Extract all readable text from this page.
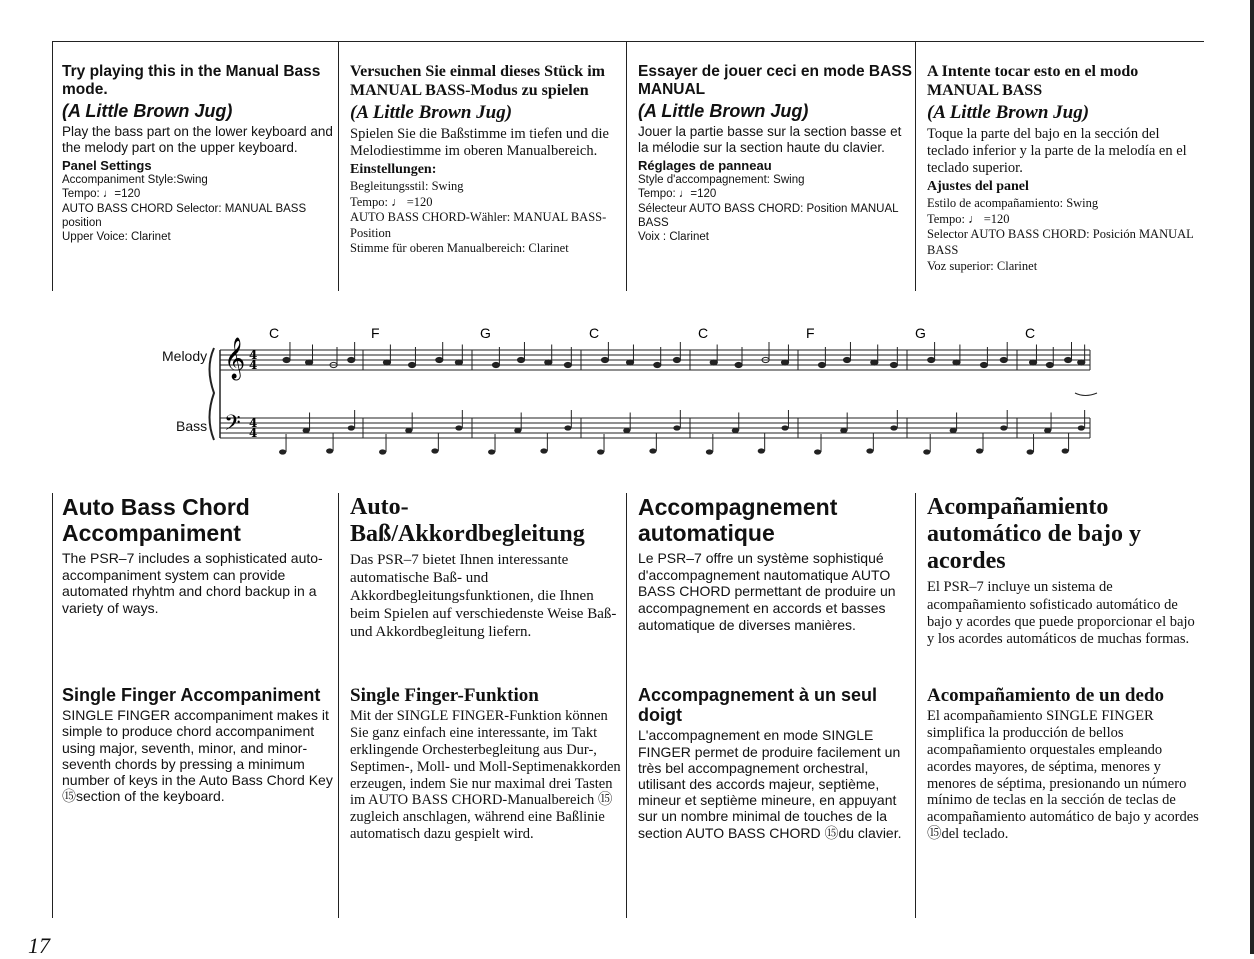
Try playing this in the Manual Bass mode.

(A Little Brown Jug)

Play the bass part on the lower keyboard and the melody part on the upper keyboard.

Panel Settings

Accompaniment Style:Swing
Tempo: ♩=120
AUTO BASS CHORD Selector: MANUAL BASS position
Upper Voice: Clarinet

Versuchen Sie einmal dieses Stück im MANUAL BASS-Modus zu spielen

(A Little Brown Jug)

Spielen Sie die Baßstimme im tiefen und die Melodiestimme im oberen Manualbereich.

Einstellungen:

Begleitungsstil: Swing
Tempo: ♩ =120
AUTO BASS CHORD-Wähler: MANUAL BASS-Position
Stimme für oberen Manualbereich: Clarinet

Essayer de jouer ceci en mode BASS MANUAL

(A Little Brown Jug)

Jouer la partie basse sur la section basse et la mélodie sur la section haute du clavier.

Réglages de panneau

Style d'accompagnement: Swing
Tempo: ♩=120
Sélecteur AUTO BASS CHORD: Position MANUAL BASS
Voix : Clarinet

A Intente tocar esto en el modo MANUAL BASS

(A Little Brown Jug)

Toque la parte del bajo en la sección del teclado inferior y la parte de la melodía en el teclado superior.

Ajustes del panel

Estilo de acompañamiento: Swing
Tempo: ♩ =120
Selector AUTO BASS CHORD: Posición MANUAL BASS
Voz superior: Clarinet
Melody
Bass
𝄞
𝄢
4
4
4
4
C	F	G	C	C	F	G	C

Auto Bass Chord Accompaniment

The PSR–7 includes a sophisticated auto-accompaniment system can provide automated rhyhtm and chord backup in a variety of ways.

Auto-Baß/Akkordbegleitung

Das PSR–7 bietet Ihnen interessante automatische Baß- und Akkordbegleitungsfunktionen, die Ihnen beim Spielen auf verschiedenste Weise Baß- und Akkordbegleitung liefern.

Accompagnement automatique

Le PSR–7 offre un système sophistiqué d'accompagnement nautomatique AUTO BASS CHORD permettant de produire un accompagnement en accords et basses automatique de diverses manières.

Acompañamiento automático de bajo y acordes

El PSR–7 incluye un sistema de acompañamiento sofisticado automático de bajo y acordes que puede proporcionar el bajo y los acordes automáticos de muchas formas.

Single Finger Accompaniment

SINGLE FINGER accompaniment makes it simple to produce chord accompaniment using major, seventh, minor, and minor-seventh chords by pressing a minimum number of keys in the Auto Bass Chord Key ⑮section of the keyboard.

Single Finger-Funktion

Mit der SINGLE FINGER-Funktion können Sie ganz einfach eine interessante, im Takt erklingende Orchesterbegleitung aus Dur-, Septimen-, Moll- und Moll-Septimenakkorden erzeugen, indem Sie nur maximal drei Tasten im AUTO BASS CHORD-Manualbereich ⑮ zugleich anschlagen, während eine Baßlinie automatisch dazu gespielt wird.

Accompagnement à un seul doigt

L'accompagnement en mode SINGLE FINGER permet de produire facilement un très bel accompagnement orchestral, utilisant des accords majeur, septième, mineur et septième mineure, en appuyant sur un nombre minimal de touches de la section AUTO BASS CHORD ⑮du clavier.

Acompañamiento de un dedo

El acompañamiento SINGLE FINGER simplifica la producción de bellos acompañamiento orquestales empleando acordes mayores, de séptima, menores y menores de séptima, presionando un número mínimo de teclas en la sección de teclas de acompañamiento automático de bajo y acordes ⑮del teclado.

17
